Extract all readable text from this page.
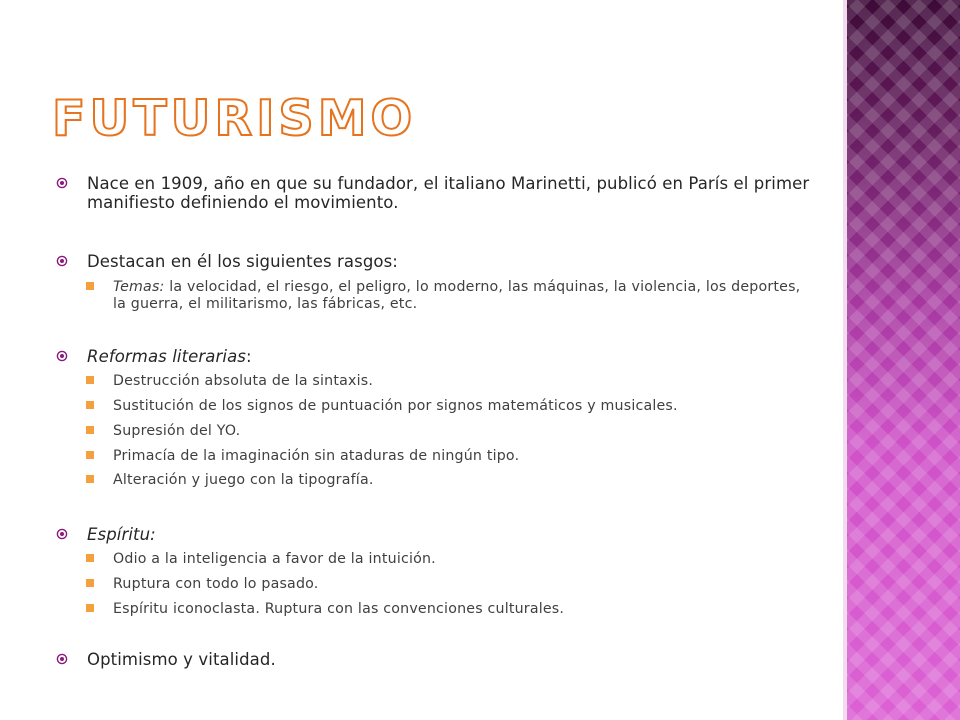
FUTURISMO
Nace en 1909, año en que su fundador, el italiano Marinetti, publicó en París el primer manifiesto definiendo el movimiento.
Destacan en él los siguientes rasgos:
Temas: la velocidad, el riesgo, el peligro, lo moderno, las máquinas, la violencia, los deportes, la guerra, el militarismo, las fábricas, etc.
Reformas literarias:
Destrucción absoluta de la sintaxis.
Sustitución de los signos de puntuación por signos matemáticos y musicales.
Supresión del YO.
Primacía de la imaginación sin ataduras de ningún tipo.
Alteración y juego con la tipografía.
Espíritu:
Odio a la inteligencia a favor de la intuición.
Ruptura con todo lo pasado.
Espíritu iconoclasta. Ruptura con las convenciones culturales.
Optimismo y vitalidad.
